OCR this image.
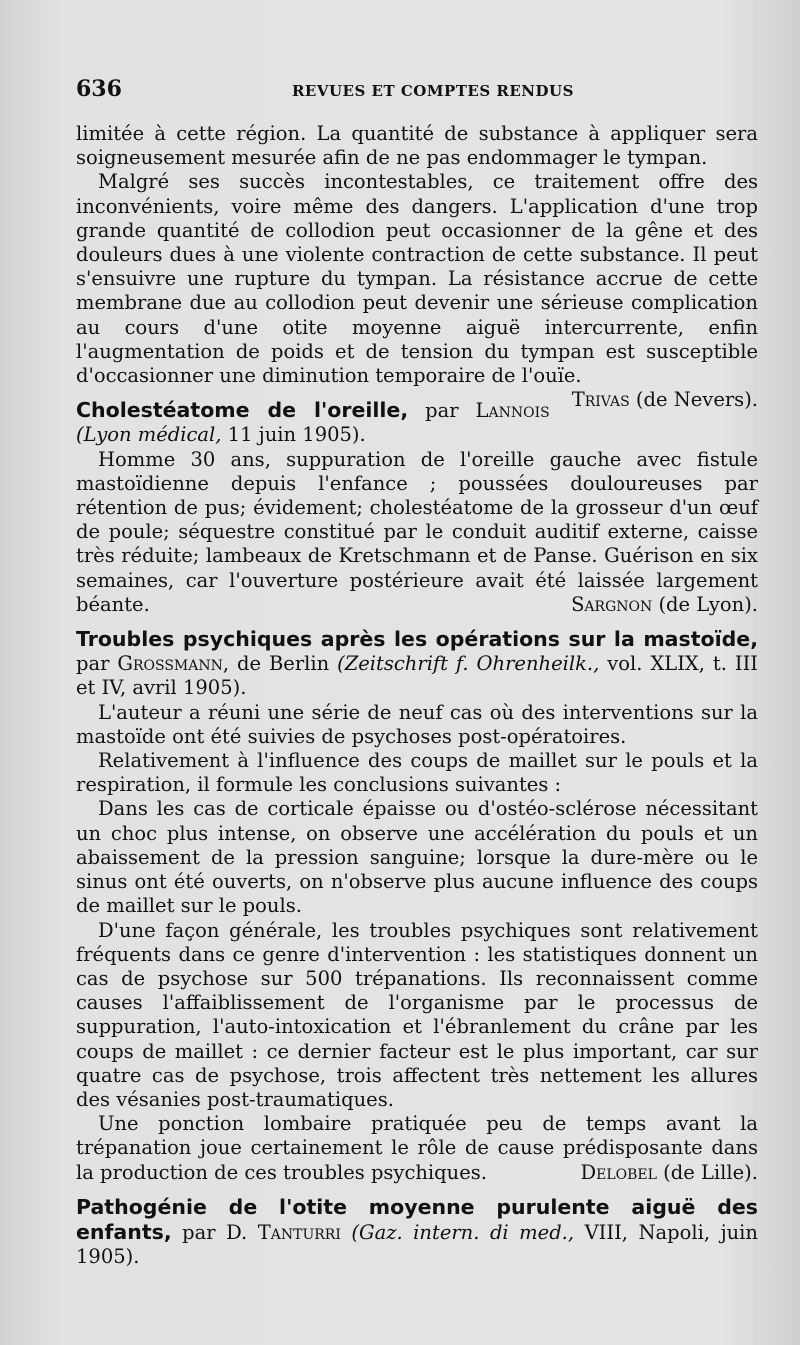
636	REVUES ET COMPTES RENDUS

limitée à cette région. La quantité de substance à appliquer sera soigneusement mesurée afin de ne pas endommager le tympan.

Malgré ses succès incontestables, ce traitement offre des inconvénients, voire même des dangers. L'application d'une trop grande quantité de collodion peut occasionner de la gêne et des douleurs dues à une violente contraction de cette substance. Il peut s'ensuivre une rupture du tympan. La résistance accrue de cette membrane due au collodion peut devenir une sérieuse complication au cours d'une otite moyenne aiguë intercurrente, enfin l'augmentation de poids et de tension du tympan est susceptible d'occasionner une diminution temporaire de l'ouïe.
Trivas (de Nevers).

Cholestéatome de l'oreille, par Lannois (Lyon médical, 11 juin 1905).

Homme 30 ans, suppuration de l'oreille gauche avec fistule mastoïdienne depuis l'enfance ; poussées douloureuses par rétention de pus; évidement; cholestéatome de la grosseur d'un œuf de poule; séquestre constitué par le conduit auditif externe, caisse très réduite; lambeaux de Kretschmann et de Panse. Guérison en six semaines, car l'ouverture postérieure avait été laissée largement béante.	Sargnon (de Lyon).

Troubles psychiques après les opérations sur la mastoïde, par Grossmann, de Berlin (Zeitschrift f. Ohrenheilk., vol. XLIX, t. III et IV, avril 1905).

L'auteur a réuni une série de neuf cas où des interventions sur la mastoïde ont été suivies de psychoses post-opératoires.

Relativement à l'influence des coups de maillet sur le pouls et la respiration, il formule les conclusions suivantes :

Dans les cas de corticale épaisse ou d'ostéo-sclérose nécessitant un choc plus intense, on observe une accélération du pouls et un abaissement de la pression sanguine; lorsque la dure-mère ou le sinus ont été ouverts, on n'observe plus aucune influence des coups de maillet sur le pouls.

D'une façon générale, les troubles psychiques sont relativement fréquents dans ce genre d'intervention : les statistiques donnent un cas de psychose sur 500 trépanations. Ils reconnaissent comme causes l'affaiblissement de l'organisme par le processus de suppuration, l'auto-intoxication et l'ébranlement du crâne par les coups de maillet : ce dernier facteur est le plus important, car sur quatre cas de psychose, trois affectent très nettement les allures des vésanies post-traumatiques.

Une ponction lombaire pratiquée peu de temps avant la trépanation joue certainement le rôle de cause prédisposante dans la production de ces troubles psychiques.	Delobel (de Lille).

Pathogénie de l'otite moyenne purulente aiguë des enfants, par D. Tanturri (Gaz. intern. di med., VIII, Napoli, juin 1905).
